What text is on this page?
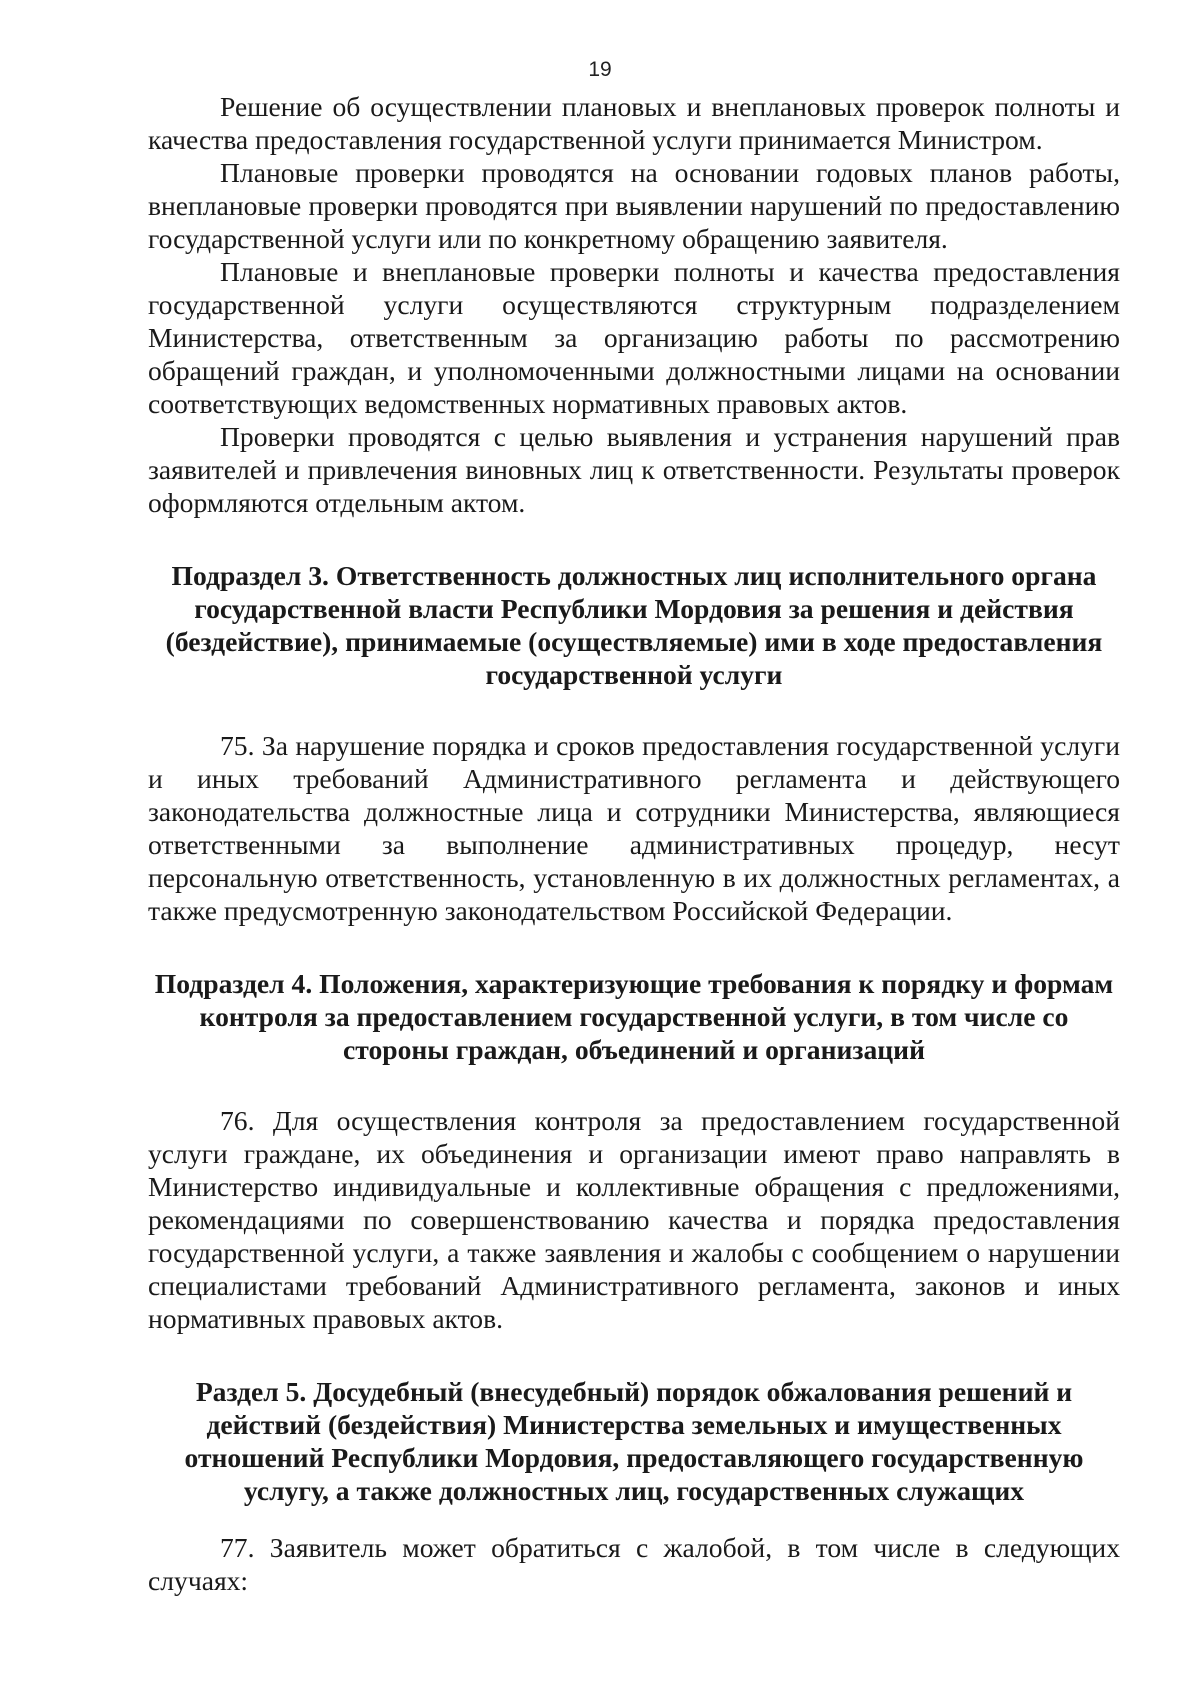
19

Решение об осуществлении плановых и внеплановых проверок полноты и качества предоставления государственной услуги принимается Министром.

Плановые проверки проводятся на основании годовых планов работы, внеплановые проверки проводятся при выявлении нарушений по предоставлению государственной услуги или по конкретному обращению заявителя.

Плановые и внеплановые проверки полноты и качества предоставления государственной услуги осуществляются структурным подразделением Министерства, ответственным за организацию работы по рассмотрению обращений граждан, и уполномоченными должностными лицами на основании соответствующих ведомственных нормативных правовых актов.

Проверки проводятся с целью выявления и устранения нарушений прав заявителей и привлечения виновных лиц к ответственности. Результаты проверок оформляются отдельным актом.

Подраздел 3. Ответственность должностных лиц исполнительного органа государственной власти Республики Мордовия за решения и действия (бездействие), принимаемые (осуществляемые) ими в ходе предоставления государственной услуги

75. За нарушение порядка и сроков предоставления государственной услуги и иных требований Административного регламента и действующего законодательства должностные лица и сотрудники Министерства, являющиеся ответственными за выполнение административных процедур, несут персональную ответственность, установленную в их должностных регламентах, а также предусмотренную законодательством Российской Федерации.

Подраздел 4. Положения, характеризующие требования к порядку и формам контроля за предоставлением государственной услуги, в том числе со стороны граждан, объединений и организаций

76. Для осуществления контроля за предоставлением государственной услуги граждане, их объединения и организации имеют право направлять в Министерство индивидуальные и коллективные обращения с предложениями, рекомендациями по совершенствованию качества и порядка предоставления государственной услуги, а также заявления и жалобы с сообщением о нарушении специалистами требований Административного регламента, законов и иных нормативных правовых актов.

Раздел 5. Досудебный (внесудебный) порядок обжалования решений и действий (бездействия) Министерства земельных и имущественных отношений Республики Мордовия, предоставляющего государственную услугу, а также должностных лиц, государственных служащих

77. Заявитель может обратиться с жалобой, в том числе в следующих случаях:
